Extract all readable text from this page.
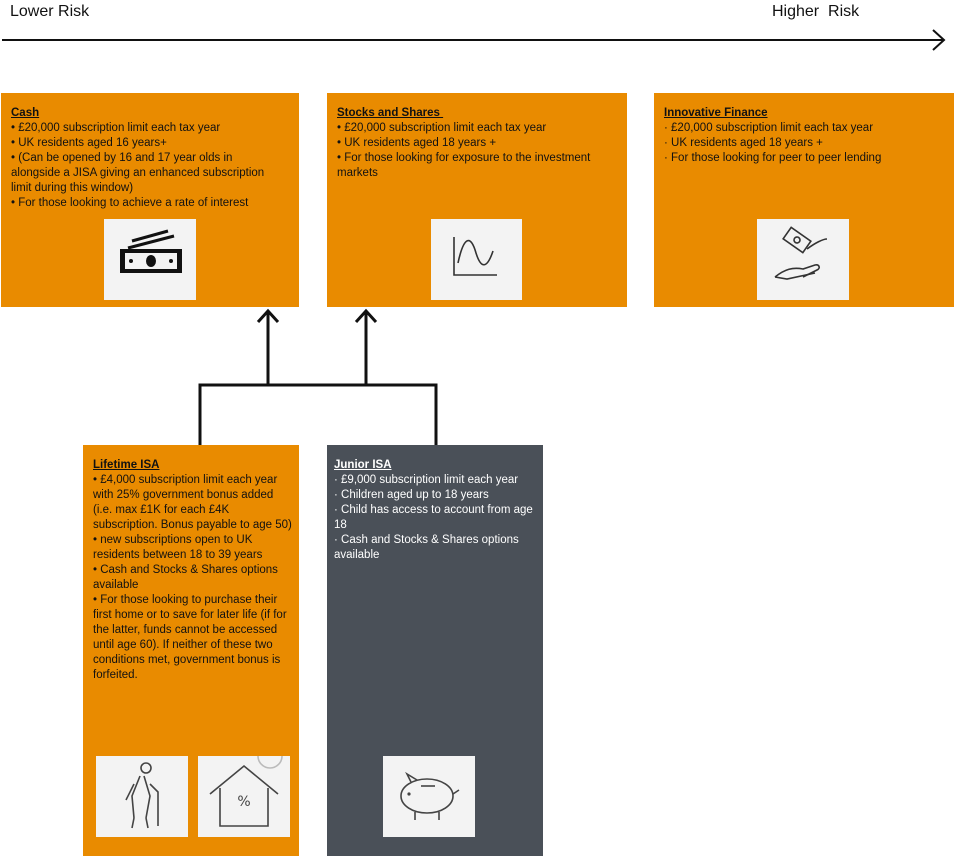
Lower Risk	Higher  Risk
Cash
• £20,000 subscription limit each tax year
• UK residents aged 16 years+
• (Can be opened by 16 and 17 year olds in alongside a JISA giving an enhanced subscription limit during this window)
• For those looking to achieve a rate of interest
Stocks and Shares
• £20,000 subscription limit each tax year
• UK residents aged 18 years +
• For those looking for exposure to the investment markets
Innovative Finance
· £20,000 subscription limit each tax year
· UK residents aged 18 years +
· For those looking for peer to peer lending
Lifetime ISA
• £4,000 subscription limit each year with 25% government bonus added (i.e. max £1K for each £4K subscription. Bonus payable to age 50)
• new subscriptions open to UK residents between 18 to 39 years
• Cash and Stocks & Shares options available
• For those looking to purchase their first home or to save for later life (if for the latter, funds cannot be accessed until age 60). If neither of these two conditions met, government bonus is forfeited.
%
Junior ISA
· £9,000 subscription limit each year
· Children aged up to 18 years
· Child has access to account from age 18
· Cash and Stocks & Shares options available
